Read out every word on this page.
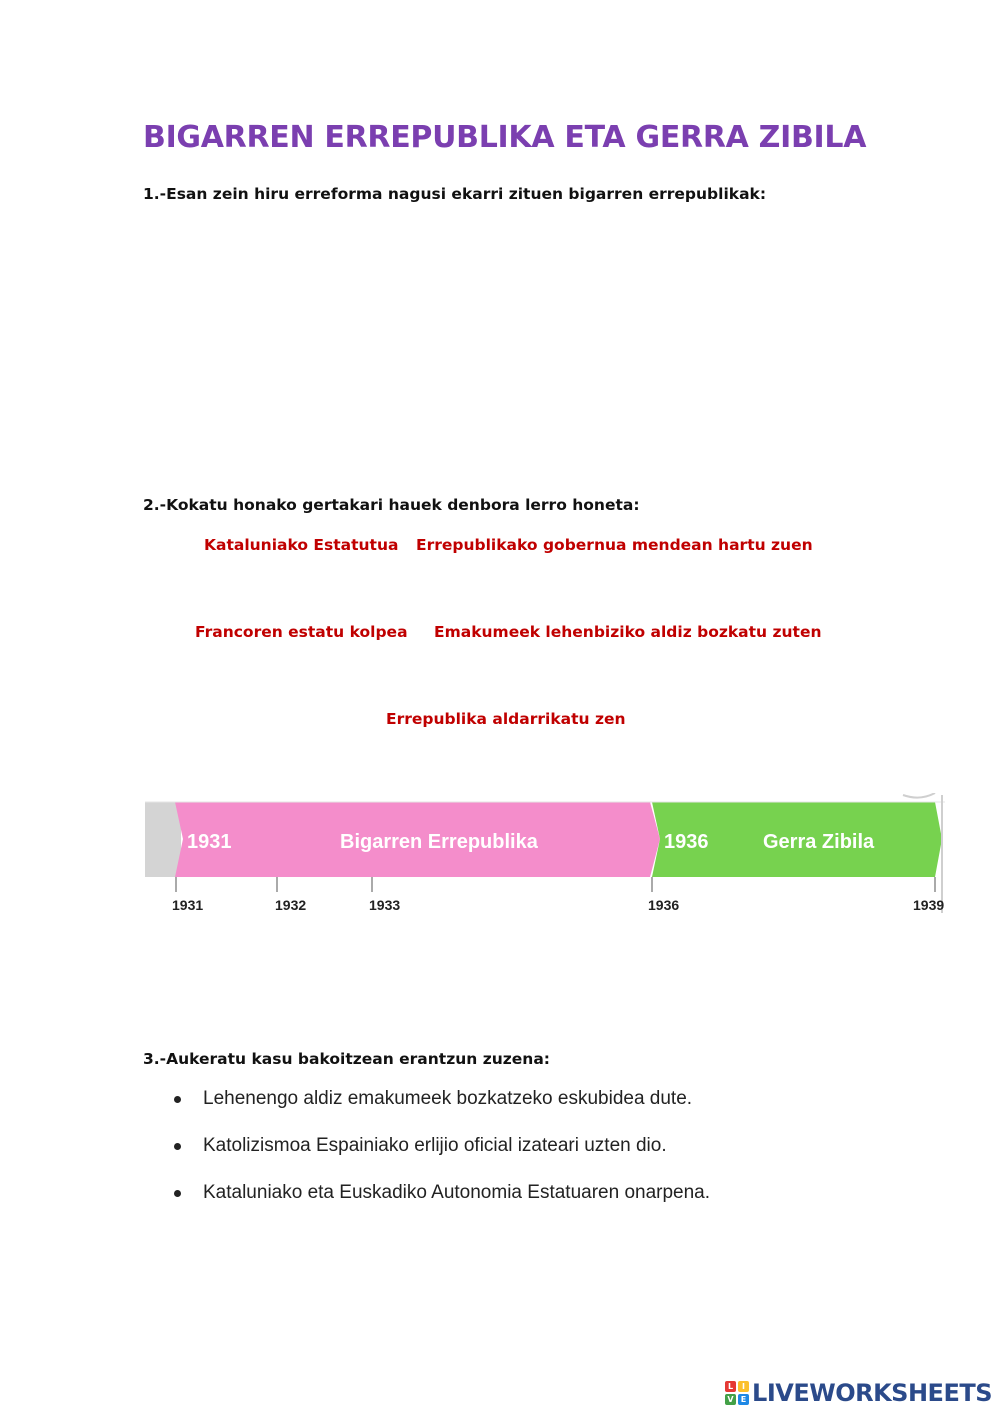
BIGARREN ERREPUBLIKA ETA GERRA ZIBILA
1.-Esan zein hiru erreforma nagusi ekarri zituen bigarren errepublikak:
2.-Kokatu honako gertakari hauek denbora lerro honeta:
Kataluniako Estatutua Errepublikako gobernua mendean hartu zuen
Francoren estatu kolpea Emakumeek lehenbiziko aldiz bozkatu zuten
Errepublika aldarrikatu zen
1931	Bigarren Errepublika	1936	Gerra Zibila
1931	1932	1933	1936	1939
3.-Aukeratu kasu bakoitzean erantzun zuzena:
Lehenengo aldiz emakumeek bozkatzeko eskubidea dute.
Katolizismoa Espainiako erlijio oficial izateari uzten dio.
Kataluniako eta Euskadiko Autonomia Estatuaren onarpena.
L	I
V E LIVEWORKSHEETS
